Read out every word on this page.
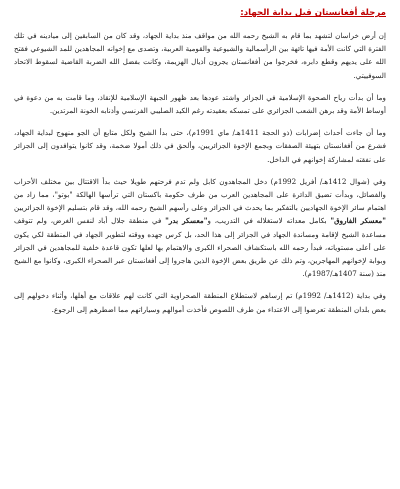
مرحلة أفغانستان قبل بداية الجهاد:

إن أرض خراسان لتشهد بما قام به الشيخ رحمه الله من مواقف منذ بداية الجهاد، وقد كان من السابقين إلى ميادينه في تلك الفترة التي كانت الأمة فيها تائهة بين الرأسمالية والشيوعية والقومية العربية، وتصدى مع إخوانه المجاهدين للمد الشيوعي فقتح الله على يديهم وقطع دابره، فخرجوا من أفغانستان يجرون أذيال الهزيمة، وكانت بفضل الله الضربة القاضية لسقوط الاتحاد السوفييتي.

وما أن بدأت رياح الصحوة الإسلامية في الجزائر واشتد عودها بعد ظهور الجبهة الإسلامية للإنقاذ، وما قامت به من دعوة في أوساط الأمة وقد برهن الشعب الجزائري على تمسكه بعقيدته رغم الكيد الصليبي الفرنسي وأذنابه الخونة المرتدين.

وما أن جاءت أحداث إضرابات (ذو الحجة 1411هـ/ ماي 1991م)، حتى بدأ الشيخ ولكل متابع أن الجو منهوج لبداية الجهاد، فشرع من أفغانستان بتهيئة الصفقات وبجمع الإخوة الجزائريين، وألحق في ذلك أمولا ضخمة، وقد كانوا يتوافدون إلى الجزائر على نفقته لمشاركة إخوانهم في الداخل.

وفي (شوال 1412هـ/ أفريل 1992م) دخل المجاهدون كابل ولم تدم فرحتهم طويلا حيث بدأ الاقتتال بين مختلف الأحزاب والفصائل، وبدأت تضيق الدائرة على المجاهدين العرب من طرف حكومة باكستان التي ترأسها الهالكة "بوتو"، مما زاد من اهتمام سائر الإخوة الجهاديين بالتفكير بما يحدث في الجزائر وعلى رأسهم الشيخ رحمه الله، وقد قام بتسليم الإخوة الجزائريين "معسكر الفاروق" بكامل معداته لاستغلاله في التدريب، و"معسكر بدر" في منطقة جلال أباد لنفس الغرض، ولم تتوقف مساعدة الشيخ لإقامة ومساندة الجهاد في الجزائر إلى هذا الحد، بل كرس جهده ووقته لتطوير الجهاد في المنطقة لكي يكون على أعلى مستوياته، فبدأ رحمه الله باستكشاف الصحراء الكبرى والاهتمام بها لعلها تكون قاعدة خلفية للمجاهدين في الجزائر وبوابة لإخوانهم المهاجرين، وتم ذلك عن طريق بعض الإخوة الذين هاجروا إلى أفغانستان عبر الصحراء الكبرى، وكانوا مع الشيخ منذ (سنة 1407هـ/1987م).

وفي بداية (1412هـ/ 1992م) تم إرساهم لاستطلاع المنطقة الصحراوية التي كانت لهم علاقات مع أهلها، وأثناء دخولهم إلى بعض بلدان المنطقة تعرضوا إلى الاعتداء من طرف اللصوص فأخذت أموالهم وسياراتهم مما اضطرهم إلى الرجوع.
